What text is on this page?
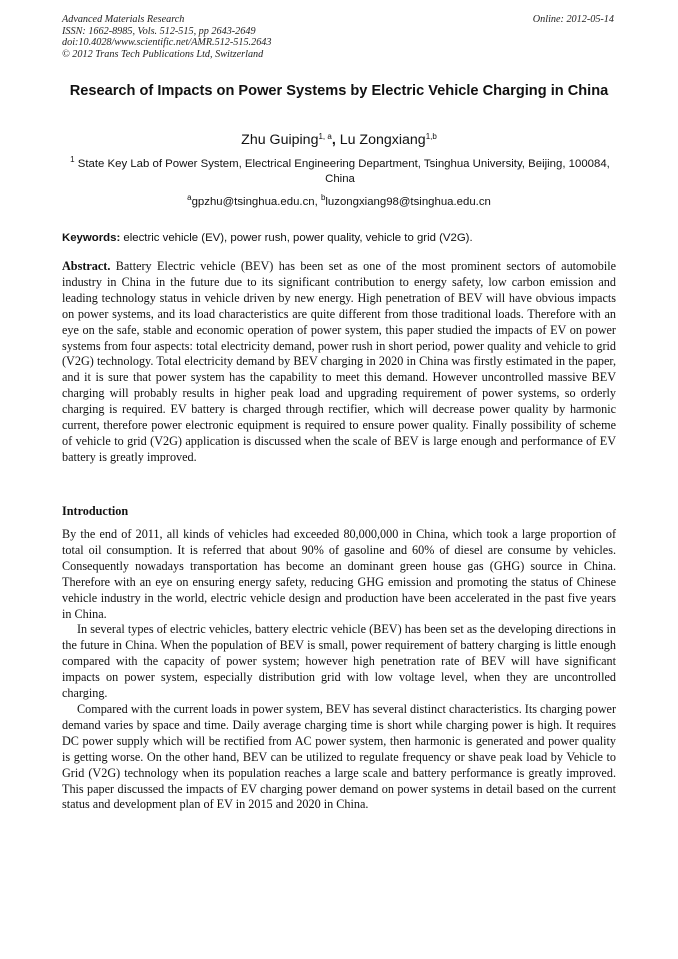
Advanced Materials Research
ISSN: 1662-8985, Vols. 512-515, pp 2643-2649
doi:10.4028/www.scientific.net/AMR.512-515.2643
© 2012 Trans Tech Publications Ltd, Switzerland
Online: 2012-05-14
Research of Impacts on Power Systems by Electric Vehicle Charging in China
Zhu Guiping$^{1, a}$, Lu Zongxiang$^{1,b}$
$^1$ State Key Lab of Power System, Electrical Engineering Department, Tsinghua University, Beijing, 100084, China
$^a$gpzhu@tsinghua.edu.cn, $^b$luzongxiang98@tsinghua.edu.cn
Keywords: electric vehicle (EV), power rush, power quality, vehicle to grid (V2G).
Abstract. Battery Electric vehicle (BEV) has been set as one of the most prominent sectors of automobile industry in China in the future due to its significant contribution to energy safety, low carbon emission and leading technology status in vehicle driven by new energy. High penetration of BEV will have obvious impacts on power systems, and its load characteristics are quite different from those traditional loads. Therefore with an eye on the safe, stable and economic operation of power system, this paper studied the impacts of EV on power systems from four aspects: total electricity demand, power rush in short period, power quality and vehicle to grid (V2G) technology. Total electricity demand by BEV charging in 2020 in China was firstly estimated in the paper, and it is sure that power system has the capability to meet this demand. However uncontrolled massive BEV charging will probably results in higher peak load and upgrading requirement of power systems, so orderly charging is required. EV battery is charged through rectifier, which will decrease power quality by harmonic current, therefore power electronic equipment is required to ensure power quality. Finally possibility of scheme of vehicle to grid (V2G) application is discussed when the scale of BEV is large enough and performance of EV battery is greatly improved.
Introduction

By the end of 2011, all kinds of vehicles had exceeded 80,000,000 in China, which took a large proportion of total oil consumption. It is referred that about 90% of gasoline and 60% of diesel are consume by vehicles. Consequently nowadays transportation has become an dominant green house gas (GHG) source in China. Therefore with an eye on ensuring energy safety, reducing GHG emission and promoting the status of Chinese vehicle industry in the world, electric vehicle design and production have been accelerated in the past five years in China.

In several types of electric vehicles, battery electric vehicle (BEV) has been set as the developing directions in the future in China. When the population of BEV is small, power requirement of battery charging is little enough compared with the capacity of power system; however high penetration rate of BEV will have significant impacts on power system, especially distribution grid with low voltage level, when they are uncontrolled charging.

Compared with the current loads in power system, BEV has several distinct characteristics. Its charging power demand varies by space and time. Daily average charging time is short while charging power is high. It requires DC power supply which will be rectified from AC power system, then harmonic is generated and power quality is getting worse. On the other hand, BEV can be utilized to regulate frequency or shave peak load by Vehicle to Grid (V2G) technology when its population reaches a large scale and battery performance is greatly improved. This paper discussed the impacts of EV charging power demand on power systems in detail based on the current status and development plan of EV in 2015 and 2020 in China.
